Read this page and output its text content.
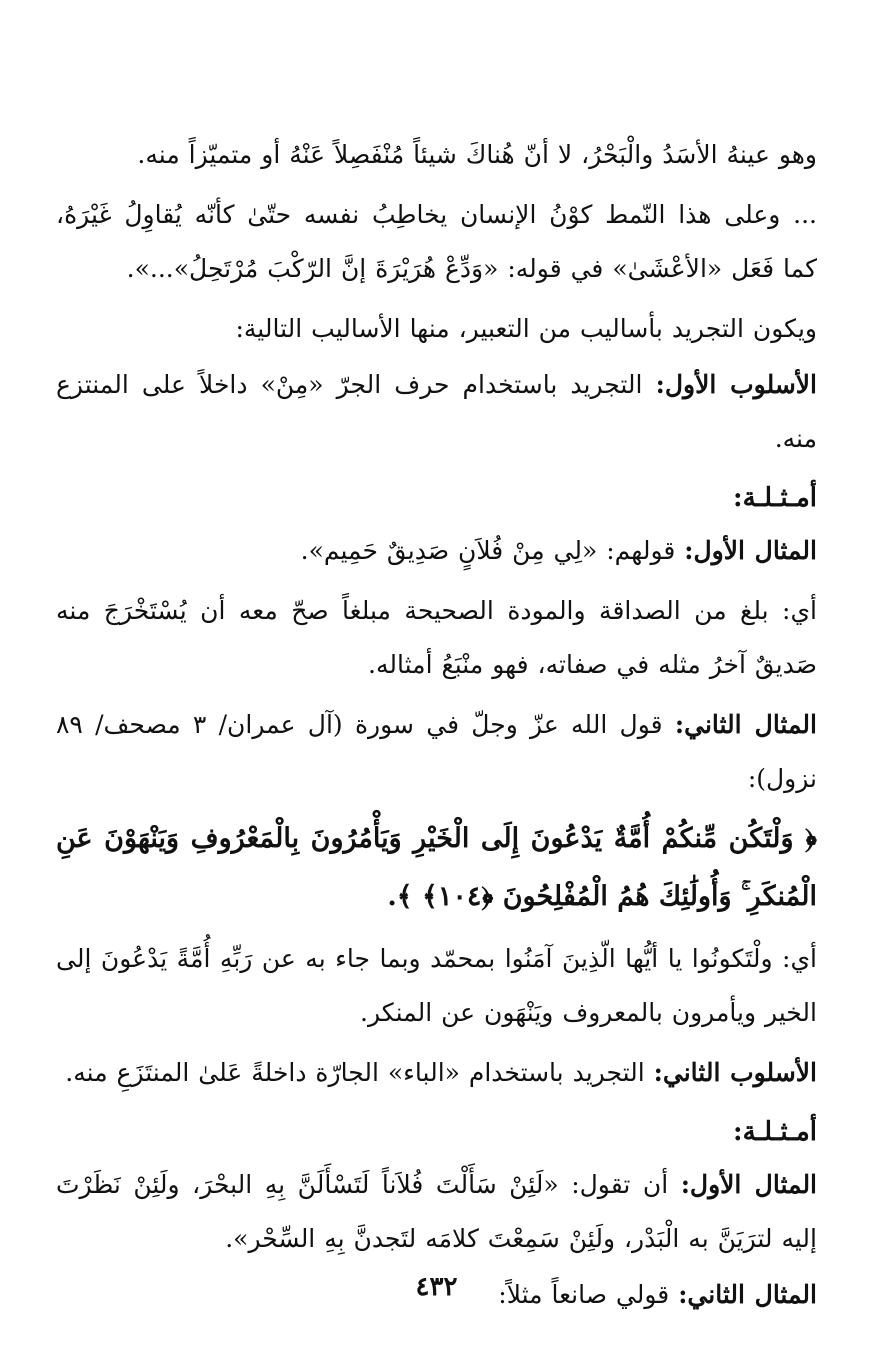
وهو عينهُ الأسَدُ والْبَحْرُ، لا أنّ هُناكَ شيئاً مُنْفَصِلاً عَنْهُ أو متميّزاً منه.

... وعلى هذا النّمط كوْنُ الإنسان يخاطِبُ نفسه حتّىٰ كأنّه يُقاوِلُ غَيْرَهُ، كما فَعَل «الأعْشَىٰ» في قوله: «وَدِّعْ هُرَيْرَةَ إنَّ الرّكْبَ مُرْتَحِلُ»...».

ويكون التجريد بأساليب من التعبير، منها الأساليب التالية:

الأسلوب الأول: التجريد باستخدام حرف الجرّ «مِنْ» داخلاً على المنتزع منه.

أمـثـلـة:

المثال الأول: قولهم: «لِي مِنْ فُلاَنٍ صَدِيقٌ حَمِيم».

أي: بلغ من الصداقة والمودة الصحيحة مبلغاً صحّ معه أن يُسْتَخْرَجَ منه صَديقٌ آخرُ مثله في صفاته، فهو منْبَعُ أمثاله.

المثال الثاني: قول الله عزّ وجلّ في سورة (آل عمران/ ٣ مصحف/ ٨٩ نزول):

﴿ وَلْتَكُن مِّنكُمْ أُمَّةٌ يَدْعُونَ إِلَى الْخَيْرِ وَيَأْمُرُونَ بِالْمَعْرُوفِ وَيَنْهَوْنَ عَنِ الْمُنكَرِ ۚ وَأُولَٰئِكَ هُمُ الْمُفْلِحُونَ ﴿١٠٤﴾ ﴾.

أي: ولْتَكونُوا يا أيُّها الّذِينَ آمَنُوا بمحمّد وبما جاء به عن رَبِّهِ أُمَّةً يَدْعُونَ إلى الخير ويأمرون بالمعروف ويَنْهَون عن المنكر.

الأسلوب الثاني: التجريد باستخدام «الباء» الجارّة داخلةً عَلىٰ المنتَزَعِ منه.

أمـثـلـة:

المثال الأول: أن تقول: «لَئِنْ سَأَلْتَ فُلاَناً لَتَسْأَلَنَّ بِهِ البحْرَ، ولَئِنْ نَظَرْتَ إليه لترَيَنَّ به الْبَدْر، ولَئِنْ سَمِعْتَ كلامَه لتَجدنَّ بِهِ السِّحْر».

المثال الثاني: قولي صانعاً مثلاً:

٤٣٢
